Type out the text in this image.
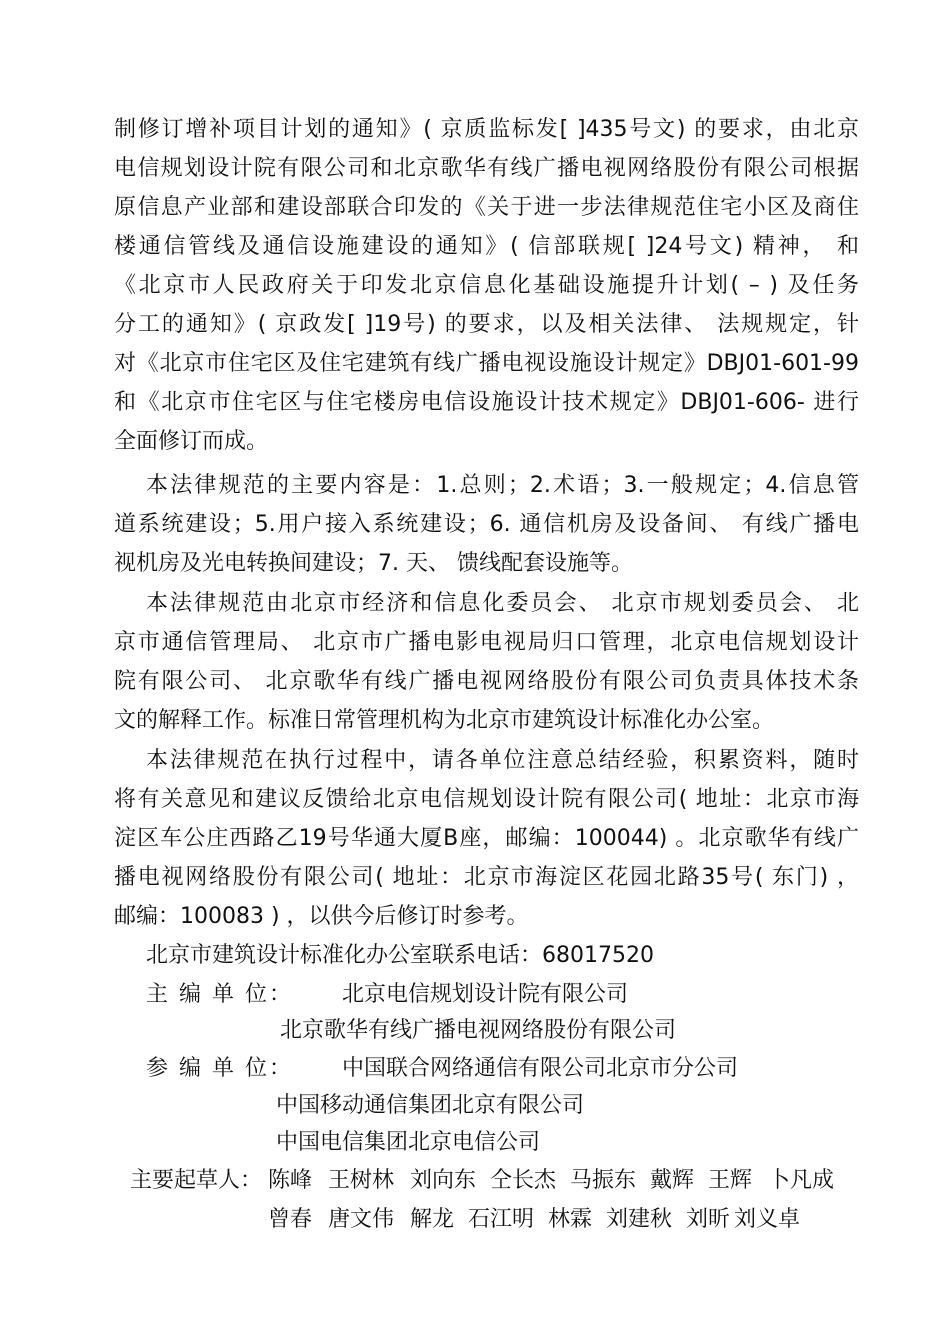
制修订增补项目计划的通知》( 京质监标发[ ]435号文) 的要求，由北京
电信规划设计院有限公司和北京歌华有线广播电视网络股份有限公司根据
原信息产业部和建设部联合印发的《关于进一步法律规范住宅小区及商住
楼通信管线及通信设施建设的通知》( 信部联规[ ]24号文) 精神， 和
《北京市人民政府关于印发北京信息化基础设施提升计划( – ) 及任务
分工的通知》( 京政发[ ]19号) 的要求，以及相关法律、 法规规定，针
对《北京市住宅区及住宅建筑有线广播电视设施设计规定》DBJ01-601-99
和《北京市住宅区与住宅楼房电信设施设计技术规定》DBJ01-606- 进行
全面修订而成。
本法律规范的主要内容是：1.总则；2.术语；3.一般规定；4.信息管
道系统建设；5.用户接入系统建设；6. 通信机房及设备间、 有线广播电
视机房及光电转换间建设；7. 天、 馈线配套设施等。
本法律规范由北京市经济和信息化委员会、 北京市规划委员会、 北
京市通信管理局、 北京市广播电影电视局归口管理，北京电信规划设计
院有限公司、 北京歌华有线广播电视网络股份有限公司负责具体技术条
文的解释工作。标准日常管理机构为北京市建筑设计标准化办公室。
本法律规范在执行过程中，请各单位注意总结经验，积累资料，随时
将有关意见和建议反馈给北京电信规划设计院有限公司( 地址：北京市海
淀区车公庄西路乙19号华通大厦B座，邮编：100044) 。北京歌华有线广
播电视网络股份有限公司( 地址：北京市海淀区花园北路35号( 东门) ，
邮编：100083 ) ，以供今后修订时参考。
北京市建筑设计标准化办公室联系电话：68017520
主 编 单 位： 北京电信规划设计院有限公司
北京歌华有线广播电视网络股份有限公司
参 编 单 位： 中国联合网络通信有限公司北京市分公司
中国移动通信集团北京有限公司
中国电信集团北京电信公司
主要起草人： 陈峰 王树林 刘向东 仝长杰 马振东 戴辉 王辉 卜凡成
曾春 唐文伟 解龙 石江明 林霖 刘建秋 刘昕 刘义卓
